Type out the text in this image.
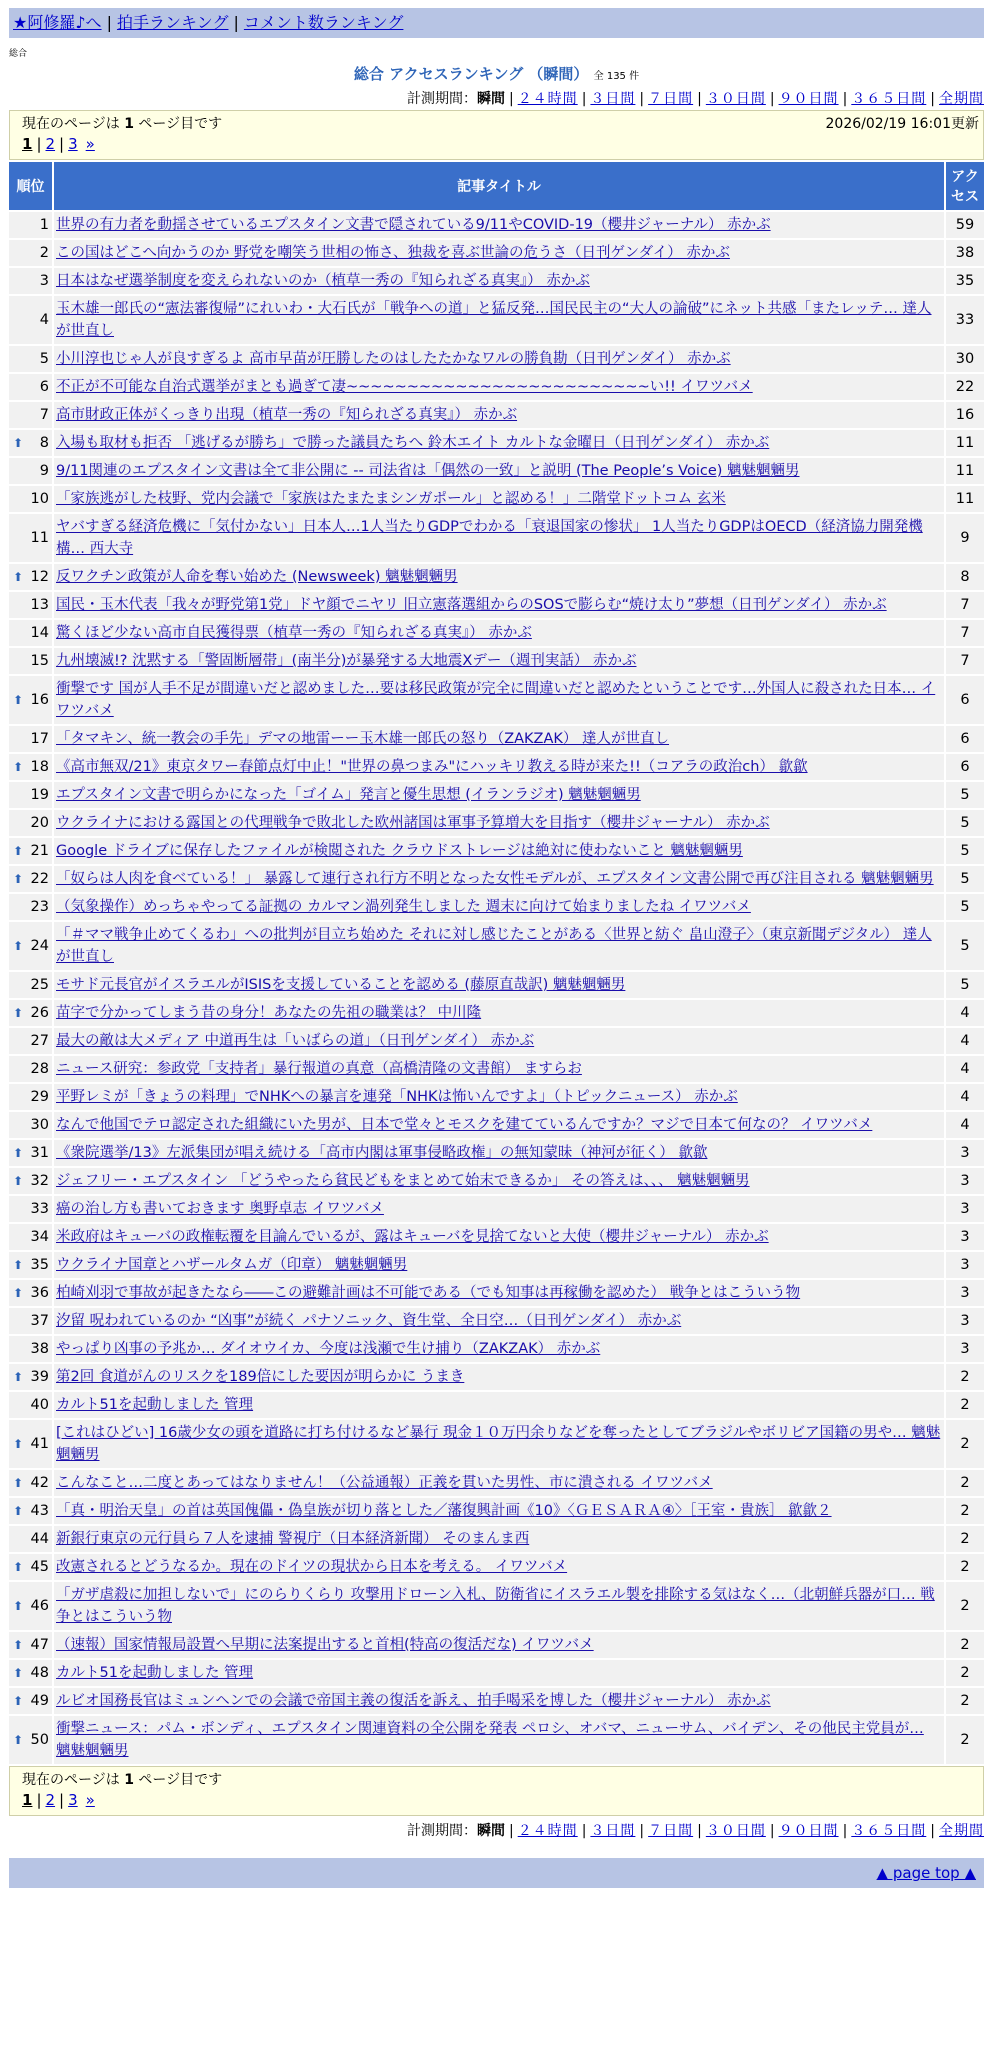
★阿修羅♪へ | 拍手ランキング | コメント数ランキング
総合
総合 アクセスランキング （瞬間） 全 135 件
計測期間：瞬間 | ２４時間 | ３日間 | ７日間 | ３０日間 | ９０日間 | ３６５日間 | 全期間
現在のページは 1 ページ目です	2026/02/19 16:01更新
1 | 2 | 3 »
順位	記事タイトル	アクセス
1	世界の有力者を動揺させているエプスタイン文書で隠されている9/11やCOVID-19（櫻井ジャーナル） 赤かぶ	59
2	この国はどこへ向かうのか 野党を嘲笑う世相の怖さ、独裁を喜ぶ世論の危うさ（日刊ゲンダイ） 赤かぶ	38
3	日本はなぜ選挙制度を変えられないのか（植草一秀の『知られざる真実』） 赤かぶ	35
4	玉木雄一郎氏の“憲法審復帰”にれいわ・大石氏が「戦争への道」と猛反発…国民民主の“大人の論破”にネット共感「またレッテ… 達人が世直し	33
5	小川淳也じゃ人が良すぎるよ 高市早苗が圧勝したのはしたたかなワルの勝負勘（日刊ゲンダイ） 赤かぶ	30
6	不正が不可能な自治式選挙がまとも過ぎて凄~~~~~~~~~~~~~~~~~~~~~~~~~い!! イワツバメ	22
7	高市財政正体がくっきり出現（植草一秀の『知られざる真実』） 赤かぶ	16

⬆ 8	入場も取材も拒否 「逃げるが勝ち」で勝った議員たちへ 鈴木エイト カルトな金曜日（日刊ゲンダイ） 赤かぶ	11
9	9/11関連のエプスタイン文書は全て非公開に -- 司法省は「偶然の一致」と説明 (The People’s Voice) 魑魅魍魎男	11
10	「家族逃がした枝野、党内会議で「家族はたまたまシンガポール」と認める！」二階堂ドットコム 玄米	11
11	ヤバすぎる経済危機に「気付かない」日本人…1人当たりGDPでわかる「衰退国家の惨状」 1人当たりGDPはOECD（経済協力開発機構… 西大寺	9

⬆ 12	反ワクチン政策が人命を奪い始めた (Newsweek) 魑魅魍魎男	8
13	国民・玉木代表「我々が野党第1党」ドヤ顔でニヤリ 旧立憲落選組からのSOSで膨らむ“焼け太り”夢想（日刊ゲンダイ） 赤かぶ	7
14	驚くほど少ない高市自民獲得票（植草一秀の『知られざる真実』） 赤かぶ	7
15	九州壊滅!? 沈黙する「警固断層帯」(南半分)が暴発する大地震Xデー（週刊実話） 赤かぶ	7

⬆ 16	衝撃です 国が人手不足が間違いだと認めました…要は移民政策が完全に間違いだと認めたということです…外国人に殺された日本… イワツバメ	6
17	「タマキン、統一教会の手先」デマの地雷ーー玉木雄一郎氏の怒り（ZAKZAK） 達人が世直し	6

⬆ 18	《高市無双/21》東京タワー春節点灯中止！"世界の鼻つまみ"にハッキリ教える時が来た!!（コアラの政治ch） 歙歙	6
19	エプスタイン文書で明らかになった「ゴイム」発言と優生思想 (イランラジオ) 魑魅魍魎男	5
20	ウクライナにおける露国との代理戦争で敗北した欧州諸国は軍事予算増大を目指す（櫻井ジャーナル） 赤かぶ	5

⬆ 21	Google ドライブに保存したファイルが検閲された クラウドストレージは絶対に使わないこと 魑魅魍魎男	5

⬆ 22	「奴らは人肉を食べている！」 暴露して連行され行方不明となった女性モデルが、エプスタイン文書公開で再び注目される 魑魅魍魎男	5
23	（気象操作）めっちゃやってる証拠の カルマン渦列発生しました 週末に向けて始まりましたね イワツバメ	5

⬆ 24	「＃ママ戦争止めてくるわ」への批判が目立ち始めた それに対し感じたことがある〈世界と紡ぐ 畠山澄子〉（東京新聞デジタル） 達人が世直し	5
25	モサド元長官がイスラエルがISISを支援していることを認める (藤原直哉訳) 魑魅魍魎男	5

⬆ 26	苗字で分かってしまう昔の身分！あなたの先祖の職業は？ 中川隆	4
27	最大の敵は大メディア 中道再生は「いばらの道」（日刊ゲンダイ） 赤かぶ	4
28	ニュース研究：参政党「支持者」暴行報道の真意（高橋清隆の文書館） ますらお	4
29	平野レミが「きょうの料理」でNHKへの暴言を連発「NHKは怖いんですよ」（トピックニュース） 赤かぶ	4
30	なんで他国でテロ認定された組織にいた男が、日本で堂々とモスクを建てているんですか？マジで日本て何なの？ イワツバメ	4

⬆ 31	《衆院選挙/13》左派集団が唱え続ける「高市内閣は軍事侵略政権」の無知蒙昧（神河が征く） 歙歙	3

⬆ 32	ジェフリー・エプスタイン 「どうやったら貧民どもをまとめて始末できるか」 その答えは、、、 魑魅魍魎男	3
33	癌の治し方も書いておきます 奥野卓志 イワツバメ	3
34	米政府はキューバの政権転覆を目論んでいるが、露はキューバを見捨てないと大使（櫻井ジャーナル） 赤かぶ	3

⬆ 35	ウクライナ国章とハザールタムガ（印章） 魑魅魍魎男	3

⬆ 36	柏崎刈羽で事故が起きたなら――この避難計画は不可能である（でも知事は再稼働を認めた） 戦争とはこういう物	3
37	汐留 呪われているのか “凶事”が続く パナソニック、資生堂、全日空…（日刊ゲンダイ） 赤かぶ	3
38	やっぱり凶事の予兆か… ダイオウイカ、今度は浅瀬で生け捕り（ZAKZAK） 赤かぶ	3

⬆ 39	第2回 食道がんのリスクを189倍にした要因が明らかに うまき	2
40	カルト51を起動しました 管理	2

⬆ 41	[これはひどい] 16歳少女の頭を道路に打ち付けるなど暴行 現金１０万円余りなどを奪ったとしてブラジルやボリビア国籍の男や… 魑魅魍魎男	2

⬆ 42	こんなこと…二度とあってはなりません！（公益通報）正義を貫いた男性、市に潰される イワツバメ	2

⬆ 43	「真・明治天皇」の首は英国傀儡・偽皇族が切り落とした／藩復興計画《10》〈ＧＥＳＡＲＡ④〉［王室・貴族］ 歙歙２	2
44	新銀行東京の元行員ら７人を逮捕 警視庁（日本経済新聞） そのまんま西	2

⬆ 45	改憲されるとどうなるか。現在のドイツの現状から日本を考える。 イワツバメ	2

⬆ 46	「ガザ虐殺に加担しないで」にのらりくらり 攻撃用ドローン入札、防衛省にイスラエル製を排除する気はなく…（北朝鮮兵器が口… 戦争とはこういう物	2

⬆ 47	（速報）国家情報局設置へ早期に法案提出すると首相(特高の復活だな) イワツバメ	2

⬆ 48	カルト51を起動しました 管理	2

⬆ 49	ルビオ国務長官はミュンヘンでの会議で帝国主義の復活を訴え、拍手喝采を博した（櫻井ジャーナル） 赤かぶ	2

⬆ 50	衝撃ニュース：パム・ボンディ、エプスタイン関連資料の全公開を発表 ペロシ、オバマ、ニューサム、バイデン、その他民主党員が… 魑魅魍魎男	2
現在のページは 1 ページ目です
1 | 2 | 3 »
計測期間：瞬間 | ２４時間 | ３日間 | ７日間 | ３０日間 | ９０日間 | ３６５日間 | 全期間
▲ page top ▲
